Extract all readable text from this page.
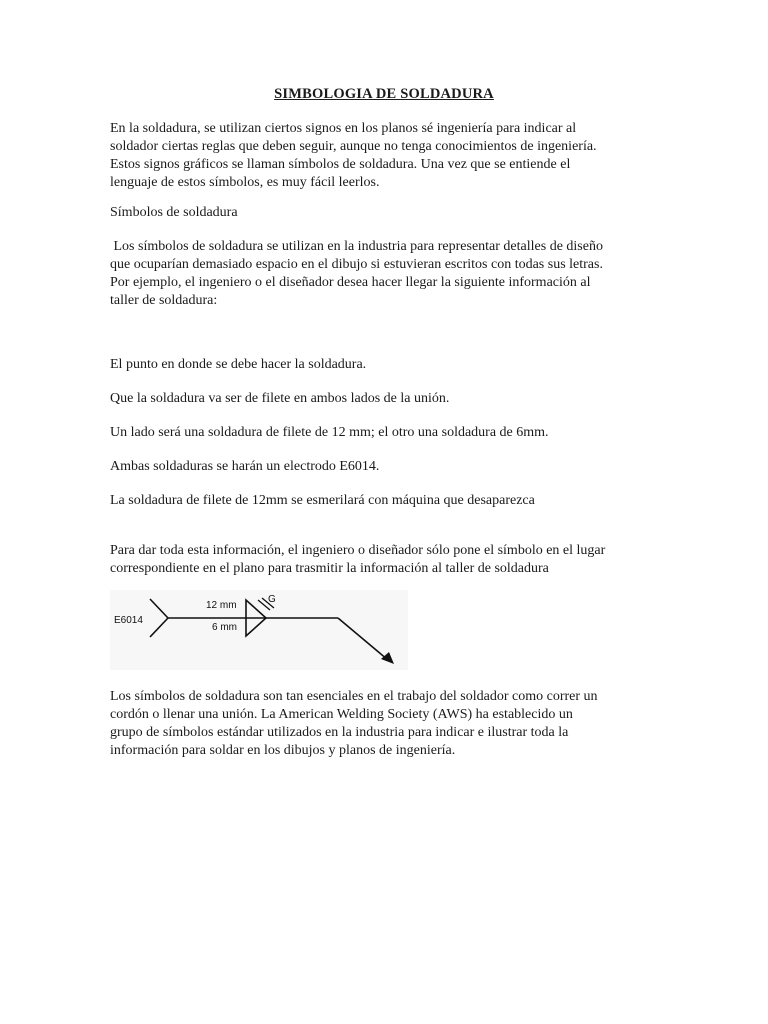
SIMBOLOGIA DE SOLDADURA

En la soldadura, se utilizan ciertos signos en los planos sé ingeniería para indicar al
soldador ciertas reglas que deben seguir, aunque no tenga conocimientos de ingeniería.
Estos signos gráficos se llaman símbolos de soldadura. Una vez que se entiende el
lenguaje de estos símbolos, es muy fácil leerlos.

Símbolos de soldadura

Los símbolos de soldadura se utilizan en la industria para representar detalles de diseño
que ocuparían demasiado espacio en el dibujo si estuvieran escritos con todas sus letras.
Por ejemplo, el ingeniero o el diseñador desea hacer llegar la siguiente información al
taller de soldadura:

El punto en donde se debe hacer la soldadura.

Que la soldadura va ser de filete en ambos lados de la unión.

Un lado será una soldadura de filete de 12 mm; el otro una soldadura de 6mm.

Ambas soldaduras se harán un electrodo E6014.

La soldadura de filete de 12mm se esmerilará con máquina que desaparezca

Para dar toda esta información, el ingeniero o diseñador sólo pone el símbolo en el lugar
correspondiente en el plano para trasmitir la información al taller de soldadura

E6014
12 mm
6 mm
G

Los símbolos de soldadura son tan esenciales en el trabajo del soldador como correr un
cordón o llenar una unión. La American Welding Society (AWS) ha establecido un
grupo de símbolos estándar utilizados en la industria para indicar e ilustrar toda la
información para soldar en los dibujos y planos de ingeniería.
